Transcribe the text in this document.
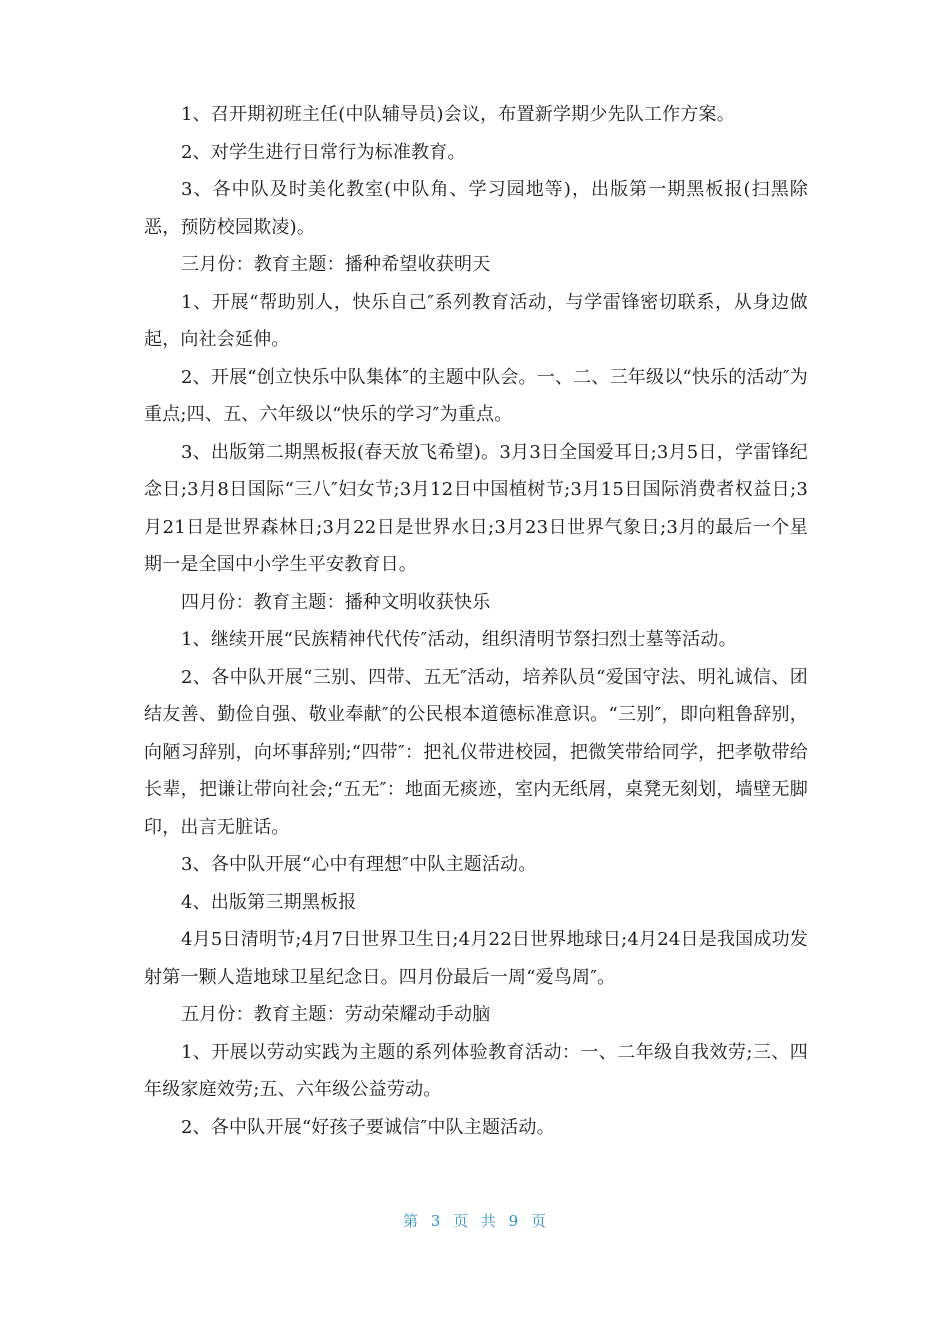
1、召开期初班主任(中队辅导员)会议，布置新学期少先队工作方案。

2、对学生进行日常行为标准教育。

3、各中队及时美化教室(中队角、学习园地等)，出版第一期黑板报(扫黑除恶，预防校园欺凌)。

三月份：教育主题：播种希望收获明天

1、开展“帮助别人，快乐自己″系列教育活动，与学雷锋密切联系，从身边做起，向社会延伸。

2、开展“创立快乐中队集体″的主题中队会。一、二、三年级以“快乐的活动″为重点;四、五、六年级以“快乐的学习″为重点。

3、出版第二期黑板报(春天放飞希望)。3月3日全国爱耳日;3月5日，学雷锋纪念日;3月8日国际“三八″妇女节;3月12日中国植树节;3月15日国际消费者权益日;3月21日是世界森林日;3月22日是世界水日;3月23日世界气象日;3月的最后一个星期一是全国中小学生平安教育日。

四月份：教育主题：播种文明收获快乐

1、继续开展“民族精神代代传″活动，组织清明节祭扫烈士墓等活动。

2、各中队开展“三别、四带、五无″活动，培养队员“爱国守法、明礼诚信、团结友善、勤俭自强、敬业奉献″的公民根本道德标准意识。“三别″，即向粗鲁辞别，向陋习辞别，向坏事辞别;“四带″：把礼仪带进校园，把微笑带给同学，把孝敬带给长辈，把谦让带向社会;“五无″：地面无痰迹，室内无纸屑，桌凳无刻划，墙壁无脚印，出言无脏话。

3、各中队开展“心中有理想″中队主题活动。

4、出版第三期黑板报

4月5日清明节;4月7日世界卫生日;4月22日世界地球日;4月24日是我国成功发射第一颗人造地球卫星纪念日。四月份最后一周“爱鸟周″。

五月份：教育主题：劳动荣耀动手动脑

1、开展以劳动实践为主题的系列体验教育活动：一、二年级自我效劳;三、四年级家庭效劳;五、六年级公益劳动。

2、各中队开展“好孩子要诚信″中队主题活动。

第 3 页 共 9 页
